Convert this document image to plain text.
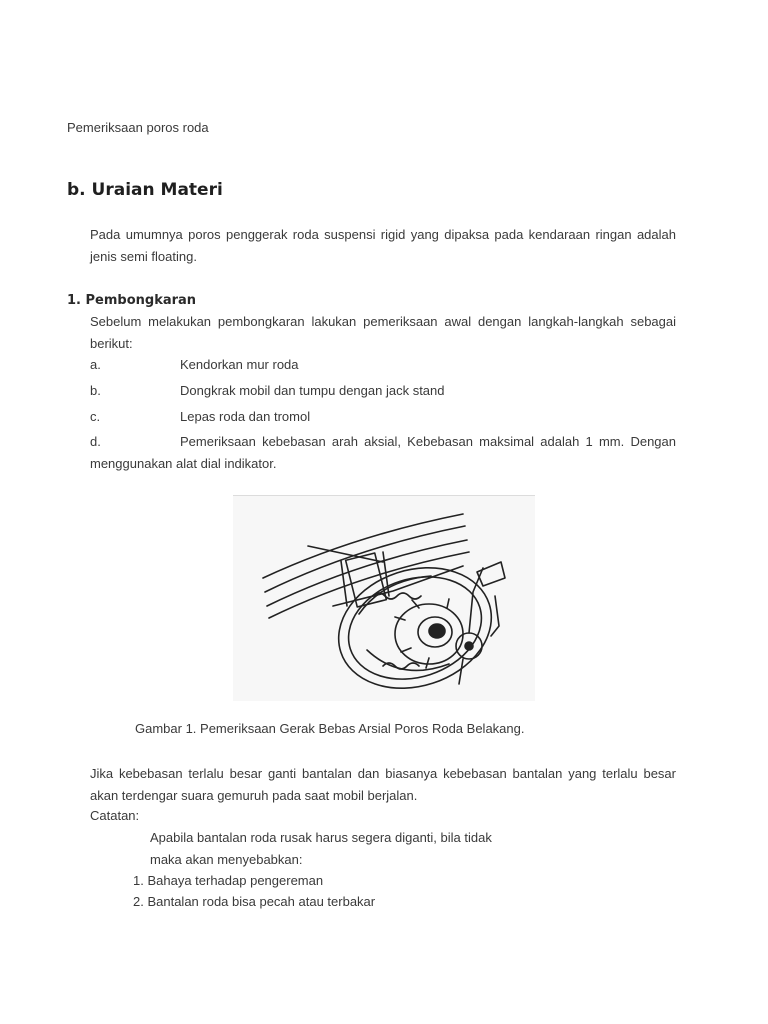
Pemeriksaan poros roda
b. Uraian Materi
Pada umumnya poros penggerak roda suspensi rigid yang dipaksa pada kendaraan ringan adalah jenis semi floating.
1. Pembongkaran
Sebelum melakukan pembongkaran lakukan pemeriksaan awal dengan langkah-langkah sebagai berikut:
a.	Kendorkan mur roda
b.	Dongkrak mobil dan tumpu dengan jack stand
c.	Lepas roda dan tromol
d.	Pemeriksaan kebebasan arah aksial, Kebebasan maksimal adalah 1 mm. Dengan
menggunakan alat dial indikator.
Gambar 1. Pemeriksaan Gerak Bebas Arsial Poros Roda Belakang.
Jika kebebasan terlalu besar ganti bantalan dan biasanya kebebasan bantalan yang terlalu besar akan terdengar suara gemuruh pada saat mobil berjalan.
Catatan:
Apabila bantalan roda rusak harus segera diganti, bila tidak
maka akan menyebabkan:
1. Bahaya terhadap pengereman
2. Bantalan roda bisa pecah atau terbakar
